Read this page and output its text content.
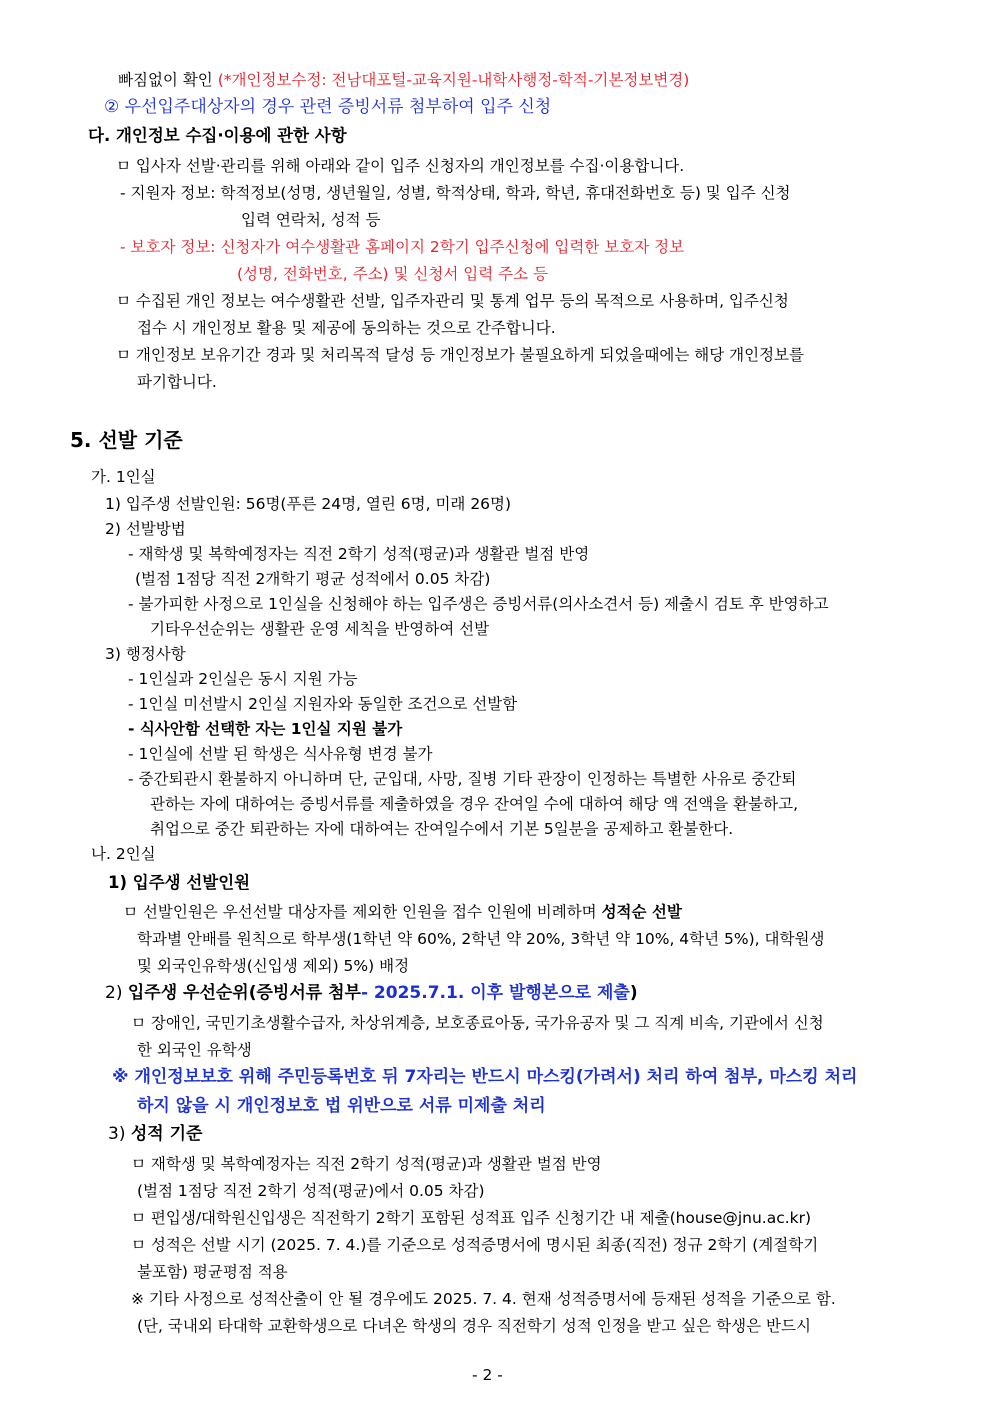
빠짐없이 확인 (*개인정보수정: 전남대포털-교육지원-내학사행정-학적-기본정보변경)
② 우선입주대상자의 경우 관련 증빙서류 첨부하여 입주 신청
다. 개인정보 수집·이용에 관한 사항
ㅁ 입사자 선발·관리를 위해 아래와 같이 입주 신청자의 개인정보를 수집·이용합니다.
- 지원자 정보: 학적정보(성명, 생년월일, 성별, 학적상태, 학과, 학년, 휴대전화번호 등) 및 입주 신청
입력 연락처, 성적 등
- 보호자 정보: 신청자가 여수생활관 홈페이지 2학기 입주신청에 입력한 보호자 정보
(성명, 전화번호, 주소) 및 신청서 입력 주소 등
ㅁ 수집된 개인 정보는 여수생활관 선발, 입주자관리 및 통계 업무 등의 목적으로 사용하며, 입주신청
접수 시 개인정보 활용 및 제공에 동의하는 것으로 간주합니다.
ㅁ 개인정보 보유기간 경과 및 처리목적 달성 등 개인정보가 불필요하게 되었을때에는 해당 개인정보를
파기합니다.
5. 선발 기준
가. 1인실
1) 입주생 선발인원: 56명(푸른 24명, 열린 6명, 미래 26명)
2) 선발방법
- 재학생 및 복학예정자는 직전 2학기 성적(평균)과 생활관 벌점 반영
(벌점 1점당 직전 2개학기 평균 성적에서 0.05 차감)
- 불가피한 사정으로 1인실을 신청해야 하는 입주생은 증빙서류(의사소견서 등) 제출시 검토 후 반영하고
기타우선순위는 생활관 운영 세칙을 반영하여 선발
3) 행정사항
- 1인실과 2인실은 동시 지원 가능
- 1인실 미선발시 2인실 지원자와 동일한 조건으로 선발함
- 식사안함 선택한 자는 1인실 지원 불가
- 1인실에 선발 된 학생은 식사유형 변경 불가
- 중간퇴관시 환불하지 아니하며 단, 군입대, 사망, 질병 기타 관장이 인정하는 특별한 사유로 중간퇴
관하는 자에 대하여는 증빙서류를 제출하였을 경우 잔여일 수에 대하여 해당 액 전액을 환불하고,
취업으로 중간 퇴관하는 자에 대하여는 잔여일수에서 기본 5일분을 공제하고 환불한다.
나. 2인실
1) 입주생 선발인원
ㅁ 선발인원은 우선선발 대상자를 제외한 인원을 접수 인원에 비례하며 성적순 선발
학과별 안배를 원칙으로 학부생(1학년 약 60%, 2학년 약 20%, 3학년 약 10%, 4학년 5%), 대학원생
및 외국인유학생(신입생 제외) 5%) 배정
2) 입주생 우선순위(증빙서류 첨부- 2025.7.1. 이후 발행본으로 제출)
ㅁ 장애인, 국민기초생활수급자, 차상위계층, 보호종료아동, 국가유공자 및 그 직계 비속, 기관에서 신청
한 외국인 유학생
※ 개인정보보호 위해 주민등록번호 뒤 7자리는 반드시 마스킹(가려서) 처리 하여 첨부, 마스킹 처리
하지 않을 시 개인정보호 법 위반으로 서류 미제출 처리
3) 성적 기준
ㅁ 재학생 및 복학예정자는 직전 2학기 성적(평균)과 생활관 벌점 반영
(벌점 1점당 직전 2학기 성적(평균)에서 0.05 차감)
ㅁ 편입생/대학원신입생은 직전학기 2학기 포함된 성적표 입주 신청기간 내 제출(house@jnu.ac.kr)
ㅁ 성적은 선발 시기 (2025. 7. 4.)를 기준으로 성적증명서에 명시된 최종(직전) 정규 2학기 (계절학기
불포함) 평균평점 적용
※ 기타 사정으로 성적산출이 안 될 경우에도 2025. 7. 4. 현재 성적증명서에 등재된 성적을 기준으로 함.
(단, 국내외 타대학 교환학생으로 다녀온 학생의 경우 직전학기 성적 인정을 받고 싶은 학생은 반드시
- 2 -
